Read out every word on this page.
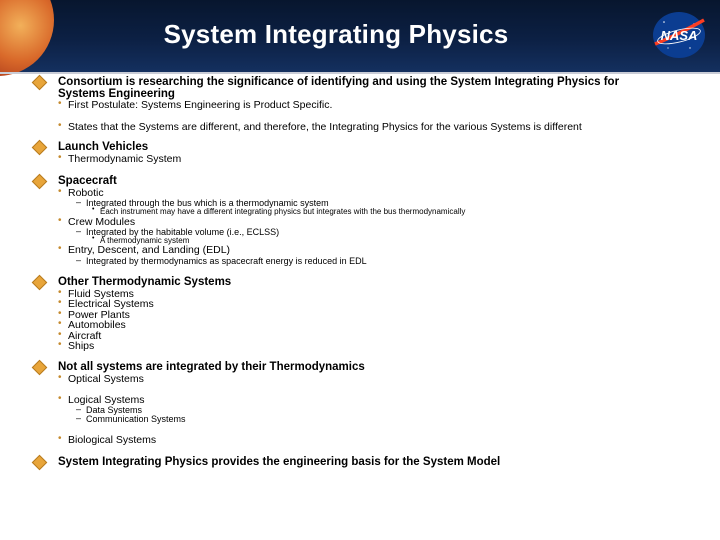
System Integrating Physics	NASA
Consortium is researching the significance of identifying and using the System Integrating Physics for
Systems Engineering
• First Postulate: Systems Engineering is Product Specific.
• States that the Systems are different, and therefore, the Integrating Physics for the various Systems is different
Launch Vehicles
• Thermodynamic System
Spacecraft
• Robotic
– Integrated through the bus which is a thermodynamic system
• Each instrument may have a different integrating physics but integrates with the bus thermodynamically
• Crew Modules
– Integrated by the habitable volume (i.e., ECLSS)
• A thermodynamic system
• Entry, Descent, and Landing (EDL)
– Integrated by thermodynamics as spacecraft energy is reduced in EDL
Other Thermodynamic Systems
• Fluid Systems
• Electrical Systems
• Power Plants
• Automobiles
• Aircraft
• Ships
Not all systems are integrated by their Thermodynamics
• Optical Systems
• Logical Systems
– Data Systems
– Communication Systems
• Biological Systems
System Integrating Physics provides the engineering basis for the System Model
